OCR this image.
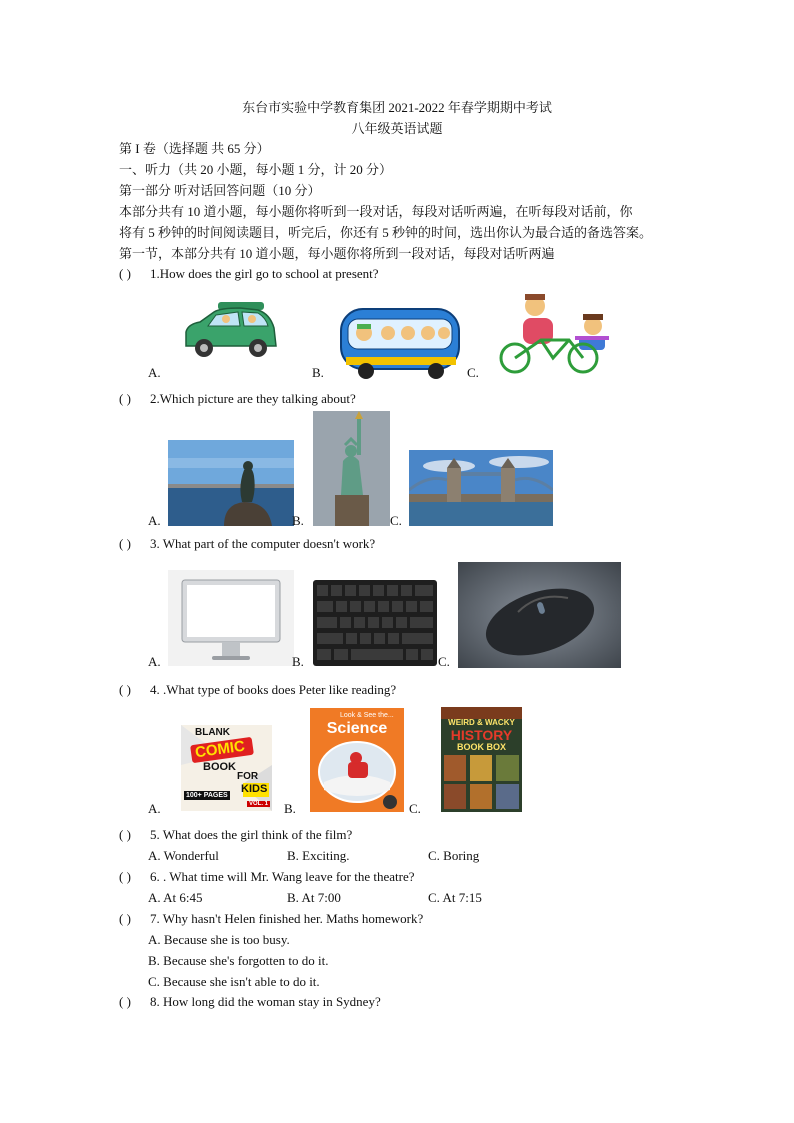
东台市实验中学教育集团 2021-2022 年春学期期中考试
八年级英语试题
第 I 卷（选择题 共 65 分）
一、听力（共 20 小题，每小题 1 分，计 20 分）
第一部分 听对话回答问题（10 分）
本部分共有 10 道小题，每小题你将听到一段对话，每段对话听两遍，在听每段对话前，你
将有 5 秒钟的时间阅读题目，听完后，你还有 5 秒钟的时间，选出你认为最合适的备选答案。
第一节，本部分共有 10 道小题，每小题你将所到一段对话，每段对话听两遍
( ) 1.How does the girl go to school at present?
A.	B.	C.
( ) 2.Which picture are they talking about?
A.	B.	C.
( ) 3. What part of the computer doesn't work?
A.	B.	C.
( ) 4. .What type of books does Peter like reading?
BLANK
COMIC
BOOK
FOR
KIDS
100+ PAGES
VOL. 1
Look & See the...
Science	WEIRD & WACKY
HISTORY
BOOK BOX
A.	B.	C.
( ) 5. What does the girl think of the film?
A. Wonderful	B. Exciting.	C. Boring
( ) 6. . What time will Mr. Wang leave for the theatre?
A. At 6:45	B. At 7:00	C. At 7:15
( ) 7. Why hasn't Helen finished her. Maths homework?
A. Because she is too busy.
B. Because she's forgotten to do it.
C. Because she isn't able to do it.
( ) 8. How long did the woman stay in Sydney?
